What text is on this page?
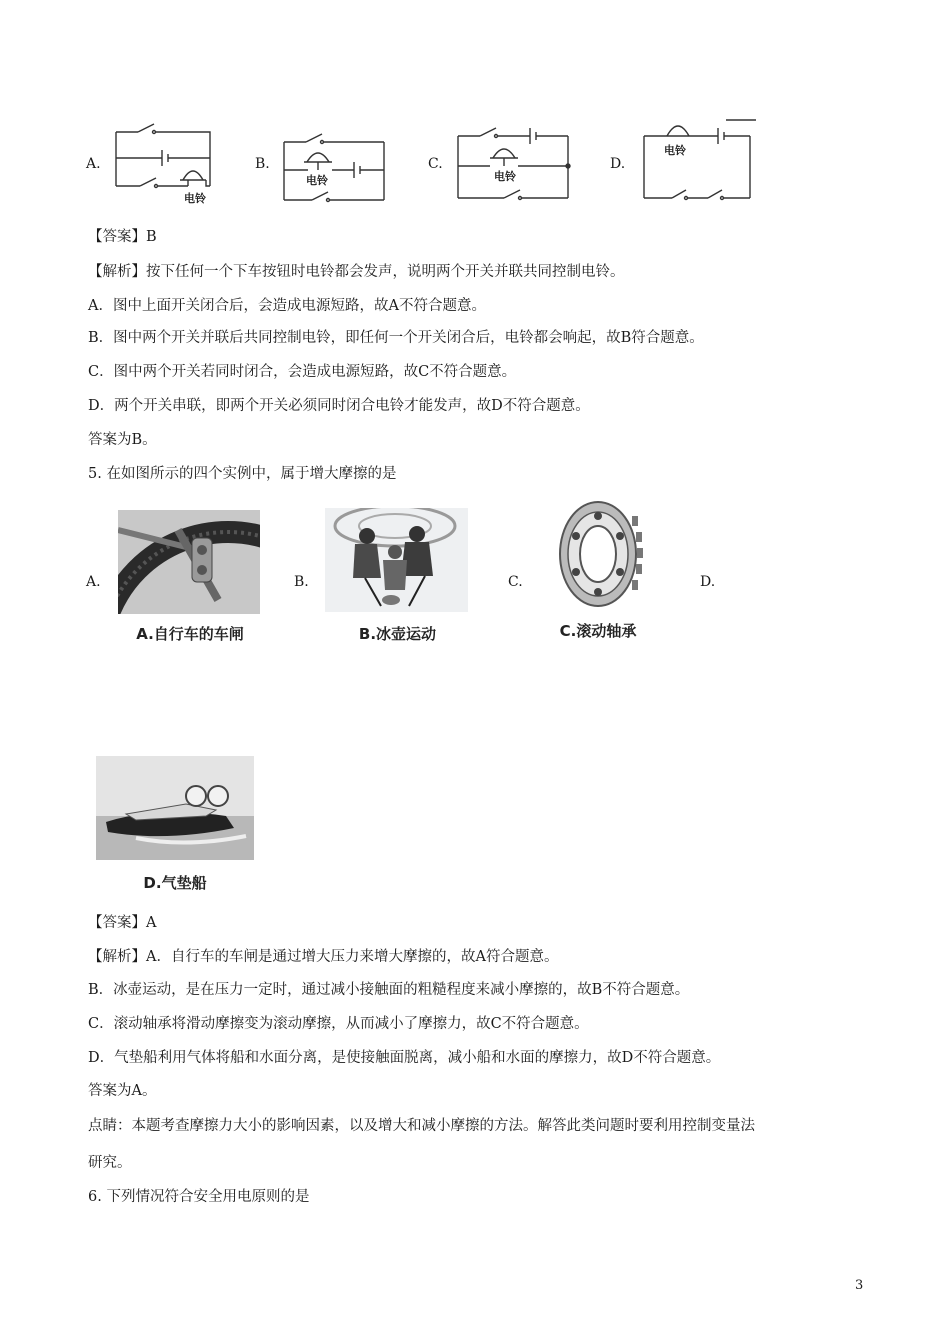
A.	B.	C.	D.
电铃
电铃	电铃
电铃
【答案】B
【解析】按下任何一个下车按钮时电铃都会发声，说明两个开关并联共同控制电铃。
A．图中上面开关闭合后，会造成电源短路，故A不符合题意。
B．图中两个开关并联后共同控制电铃，即任何一个开关闭合后，电铃都会响起，故B符合题意。
C．图中两个开关若同时闭合，会造成电源短路，故C不符合题意。
D．两个开关串联，即两个开关必须同时闭合电铃才能发声，故D不符合题意。
答案为B。
5. 在如图所示的四个实例中，属于增大摩擦的是
A.	B.	C.	D.
A.自行车的车闸	B.冰壶运动	C.滚动轴承
D.气垫船
【答案】A
【解析】A．自行车的车闸是通过增大压力来增大摩擦的，故A符合题意。
B．冰壶运动，是在压力一定时，通过减小接触面的粗糙程度来减小摩擦的，故B不符合题意。
C．滚动轴承将滑动摩擦变为滚动摩擦，从而减小了摩擦力，故C不符合题意。
D．气垫船利用气体将船和水面分离，是使接触面脱离，减小船和水面的摩擦力，故D不符合题意。
答案为A。
点睛：本题考查摩擦力大小的影响因素，以及增大和减小摩擦的方法。解答此类问题时要利用控制变量法
研究。
6. 下列情况符合安全用电原则的是
3
